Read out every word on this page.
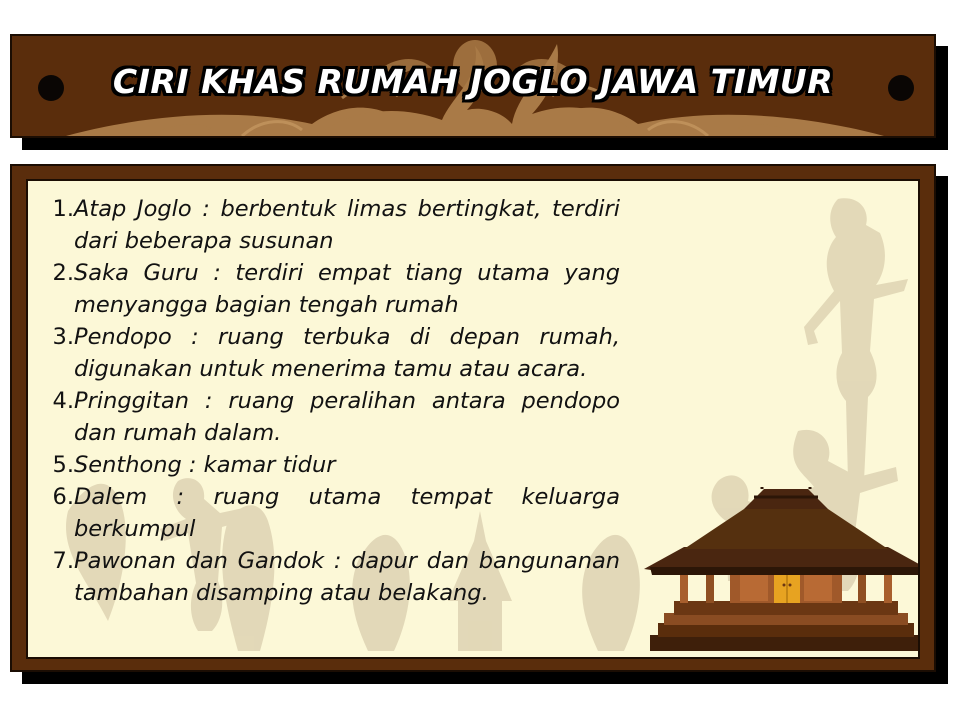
CIRI KHAS RUMAH JOGLO JAWA TIMUR
1. Atap Joglo : berbentuk limas bertingkat, terdiri dari beberapa susunan
2. Saka Guru : terdiri empat tiang utama yang menyangga bagian tengah rumah
3. Pendopo : ruang terbuka di depan rumah, digunakan untuk menerima tamu atau acara.
4. Pringgitan : ruang peralihan antara pendopo dan rumah dalam.
5. Senthong : kamar tidur
6. Dalem : ruang utama tempat keluarga berkumpul
7. Pawonan dan Gandok : dapur dan bangunanan tambahan disamping atau belakang.
